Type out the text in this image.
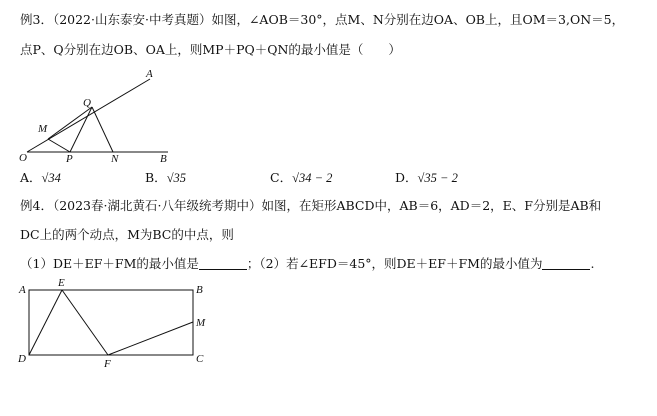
例3．（2022·山东泰安·中考真题）如图，∠AOB＝30°，点M、N分别在边OA、OB上，且OM＝3,ON＝5，
点P、Q分别在边OB、OA上，则MP＋PQ＋QN的最小值是（　　）
A
Q
M
O	P	N	B
A．√34	B．√35	C．√34 − 2	D．√35 − 2
例4．（2023春·湖北黄石·八年级统考期中）如图，在矩形ABCD中，AB＝6，AD＝2，E、F分别是AB和
DC上的两个动点，M为BC的中点，则
（1）DE＋EF＋FM的最小值是	；（2）若∠EFD＝45°，则DE＋EF＋FM的最小值为	.
A
E
B
M
D	F	C
